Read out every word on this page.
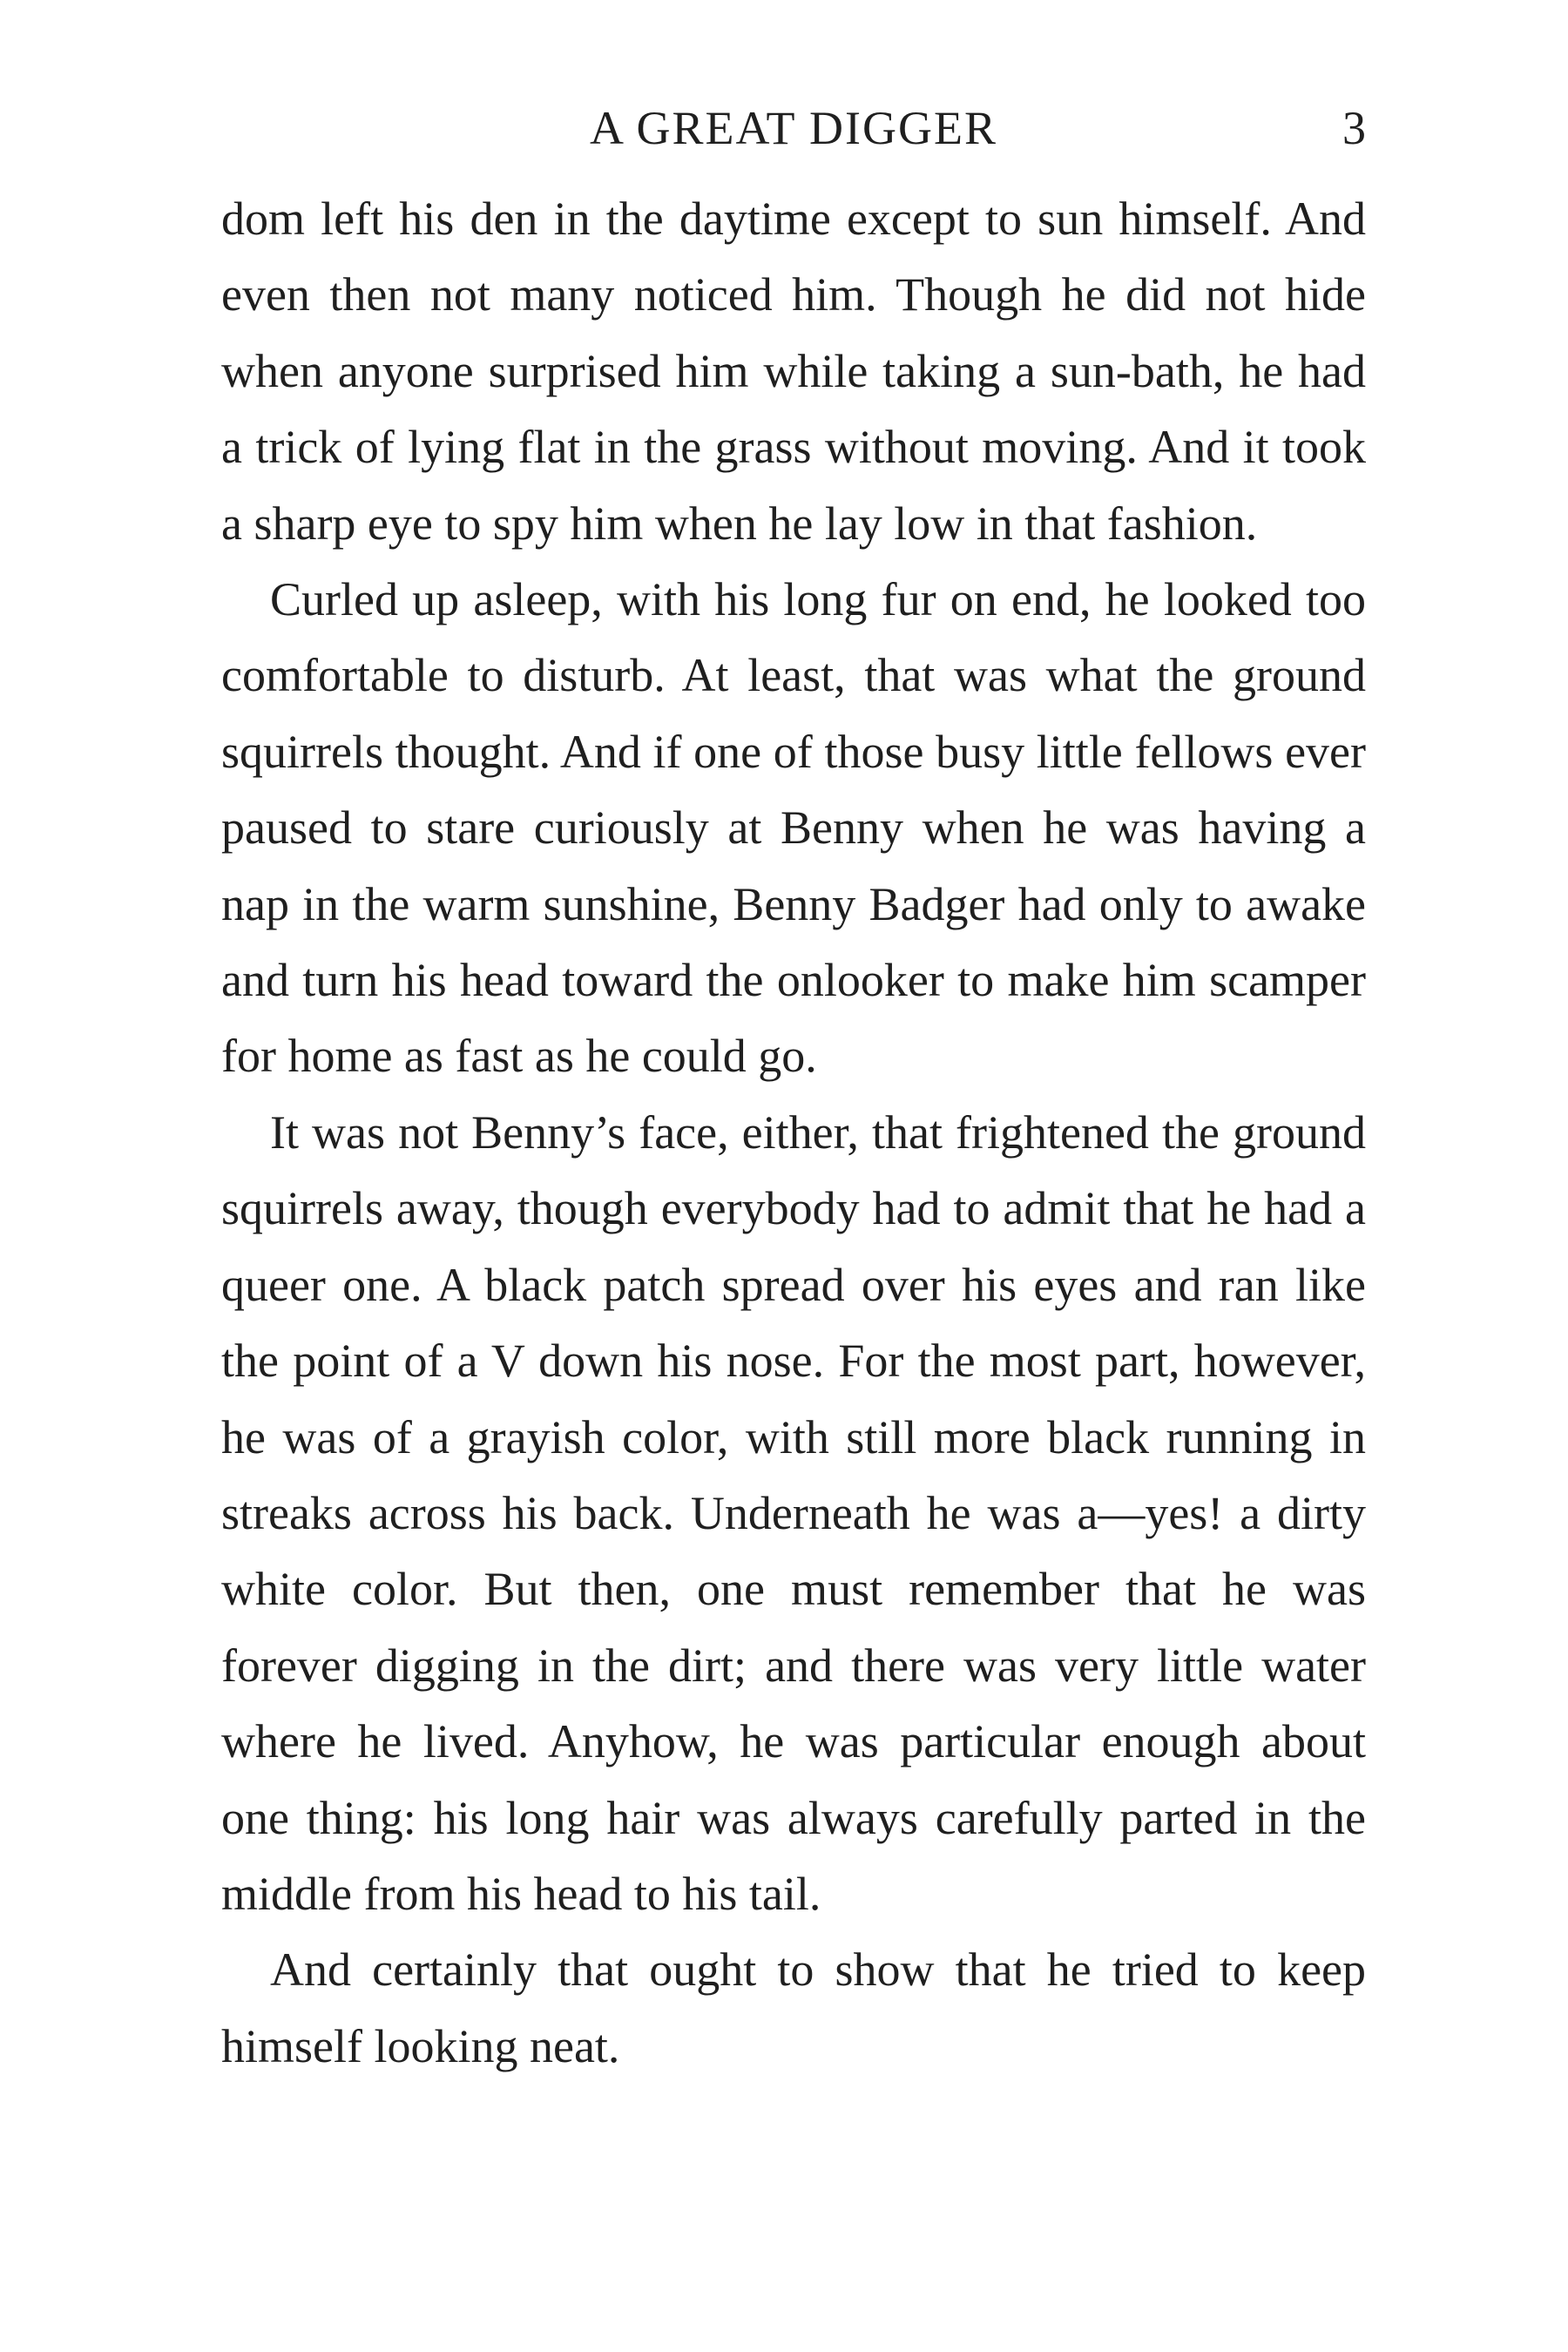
A GREAT DIGGER	3

dom left his den in the daytime except to sun himself. And even then not many noticed him. Though he did not hide when anyone surprised him while taking a sun-bath, he had a trick of lying flat in the grass without moving. And it took a sharp eye to spy him when he lay low in that fashion.

Curled up asleep, with his long fur on end, he looked too comfortable to disturb. At least, that was what the ground squirrels thought. And if one of those busy little fellows ever paused to stare curiously at Benny when he was having a nap in the warm sunshine, Benny Badger had only to awake and turn his head toward the onlooker to make him scamper for home as fast as he could go.

It was not Benny’s face, either, that frightened the ground squirrels away, though everybody had to admit that he had a queer one. A black patch spread over his eyes and ran like the point of a V down his nose. For the most part, however, he was of a grayish color, with still more black running in streaks across his back. Underneath he was a—yes! a dirty white color. But then, one must remember that he was forever digging in the dirt; and there was very little water where he lived. Anyhow, he was particular enough about one thing: his long hair was always carefully parted in the middle from his head to his tail.

And certainly that ought to show that he tried to keep himself looking neat.
